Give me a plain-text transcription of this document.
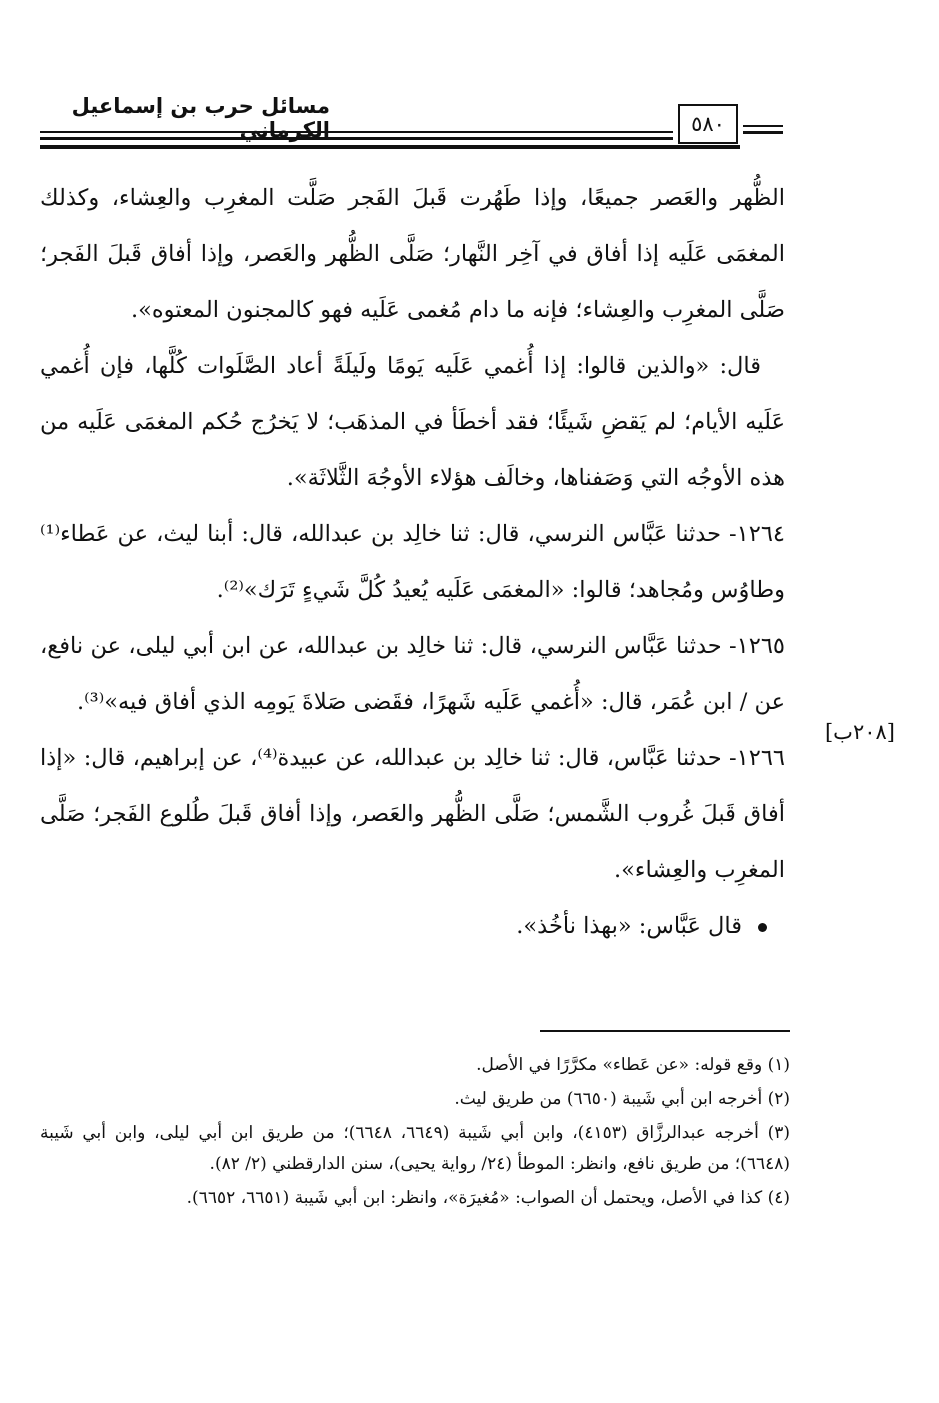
مسائل حرب بن إسماعيل الكرماني	٥٨٠

الظُّهر والعَصر جميعًا، وإذا طَهُرت قَبلَ الفَجر صَلَّت المغرِب والعِشاء، وكذلك المغمَى عَلَيه إذا أفاق في آخِر النَّهار؛ صَلَّى الظُّهر والعَصر، وإذا أفاق قَبلَ الفَجر؛ صَلَّى المغرِب والعِشاء؛ فإنه ما دام مُغمى عَلَيه فهو كالمجنون المعتوه».

قال: «والذين قالوا: إذا أُغمي عَلَيه يَومًا ولَيلَةً أعاد الصَّلَوات كُلَّها، فإن أُغمي عَلَيه الأيام؛ لم يَقضِ شَيئًا؛ فقد أخطَأ في المذهَب؛ لا يَخرُج حُكم المغمَى عَلَيه من هذه الأوجُه التي وَصَفناها، وخالَف هؤلاء الأوجُهَ الثَّلاثَة».

١٢٦٤- حدثنا عَبَّاس النرسي، قال: ثنا خالِد بن عبدالله، قال: أبنا ليث، عن عَطاء⁽¹⁾ وطاوُس ومُجاهد؛ قالوا: «المغمَى عَلَيه يُعيدُ كُلَّ شَيءٍ تَرَك»⁽²⁾.

١٢٦٥- حدثنا عَبَّاس النرسي، قال: ثنا خالِد بن عبدالله، عن ابن أبي ليلى، عن نافع، عن / ابن عُمَر، قال: «أُغمي عَلَيه شَهرًا، فقَضى صَلاةَ يَومِه الذي أفاق فيه»⁽³⁾.

١٢٦٦- حدثنا عَبَّاس، قال: ثنا خالِد بن عبدالله، عن عبيدة⁽⁴⁾، عن إبراهيم، قال: «إذا أفاق قَبلَ غُروب الشَّمس؛ صَلَّى الظُّهر والعَصر، وإذا أفاق قَبلَ طُلوع الفَجر؛ صَلَّى المغرِب والعِشاء».

قال عَبَّاس: «بهذا نأخُذ».

[٢٠٨ب]

(١) وقع قوله: «عن عَطاء» مكرَّرًا في الأصل.

(٢) أخرجه ابن أبي شَيبة (٦٦٥٠) من طريق ليث.

(٣) أخرجه عبدالرزَّاق (٤١٥٣)، وابن أبي شَيبة (٦٦٤٩، ٦٦٤٨)؛ من طريق ابن أبي ليلى، وابن أبي شَيبة (٦٦٤٨)؛ من طريق نافع، وانظر: الموطأ (٢٤/ رواية يحيى)، سنن الدارقطني (٢/ ٨٢).

(٤) كذا في الأصل، ويحتمل أن الصواب: «مُغيرَة»، وانظر: ابن أبي شَيبة (٦٦٥١، ٦٦٥٢).
